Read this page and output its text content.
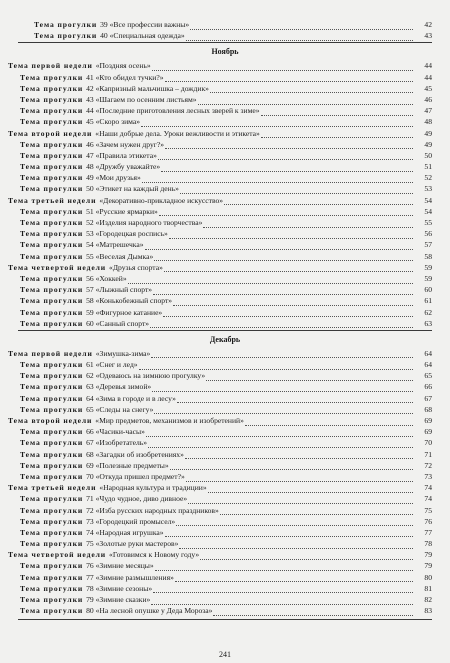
Тема прогулки 39 «Все профессии важны»	42
Тема прогулки 40 «Специальная одежда»	43
Ноябрь
Тема первой недели «Поздняя осень»	44
Тема прогулки 41 «Кто обидел тучки?»	44
Тема прогулки 42 «Капризный мальчишка – дождик»	45
Тема прогулки 43 «Шагаем по осенним листьям»	46
Тема прогулки 44 «Последние приготовления лесных зверей к зиме»	47
Тема прогулки 45 «Скоро зима»	48
Тема второй недели «Наши добрые дела. Уроки вежливости и этикета»	49
Тема прогулки 46 «Зачем нужен друг?»	49
Тема прогулки 47 «Правила этикета»	50
Тема прогулки 48 «Дружбу уважайте»	51
Тема прогулки 49 «Мои друзья»	52
Тема прогулки 50 «Этикет на каждый день»	53
Тема третьей недели «Декоративно-прикладное искусство»	54
Тема прогулки 51 «Русские ярмарки»	54
Тема прогулки 52 «Изделия народного творчества»	55
Тема прогулки 53 «Городецкая роспись»	56
Тема прогулки 54 «Матрешечка»	57
Тема прогулки 55 «Веселая Дымка»	58
Тема четвертой недели «Друзья спорта»	59
Тема прогулки 56 «Хоккей»	59
Тема прогулки 57 «Лыжный спорт»	60
Тема прогулки 58 «Конькобежный спорт»	61
Тема прогулки 59 «Фигурное катание»	62
Тема прогулки 60 «Санный спорт»	63
Декабрь
Тема первой недели «Зимушка-зима»	64
Тема прогулки 61 «Снег и лед»	64
Тема прогулки 62 «Одеваюсь на зимнюю прогулку»	65
Тема прогулки 63 «Деревья зимой»	66
Тема прогулки 64 «Зима в городе и в лесу»	67
Тема прогулки 65 «Следы на снегу»	68
Тема второй недели «Мир предметов, механизмов и изобретений»	69
Тема прогулки 66 «Часики-часы»	69
Тема прогулки 67 «Изобретатель»	70
Тема прогулки 68 «Загадки об изобретениях»	71
Тема прогулки 69 «Полезные предметы»	72
Тема прогулки 70 «Откуда пришел предмет?»	73
Тема третьей недели «Народная культура и традиции»	74
Тема прогулки 71 «Чудо чудное, диво дивное»	74
Тема прогулки 72 «Изба русских народных праздников»	75
Тема прогулки 73 «Городецкий промысел»	76
Тема прогулки 74 «Народная игрушка»	77
Тема прогулки 75 «Золотые руки мастеров»	78
Тема четвертой недели «Готовимся к Новому году»	79
Тема прогулки 76 «Зимние месяцы»	79
Тема прогулки 77 «Зимние размышления»	80
Тема прогулки 78 «Зимние сезоны»	81
Тема прогулки 79 «Зимние сказки»	82
Тема прогулки 80 «На лесной опушке у Деда Мороза»	83
241
